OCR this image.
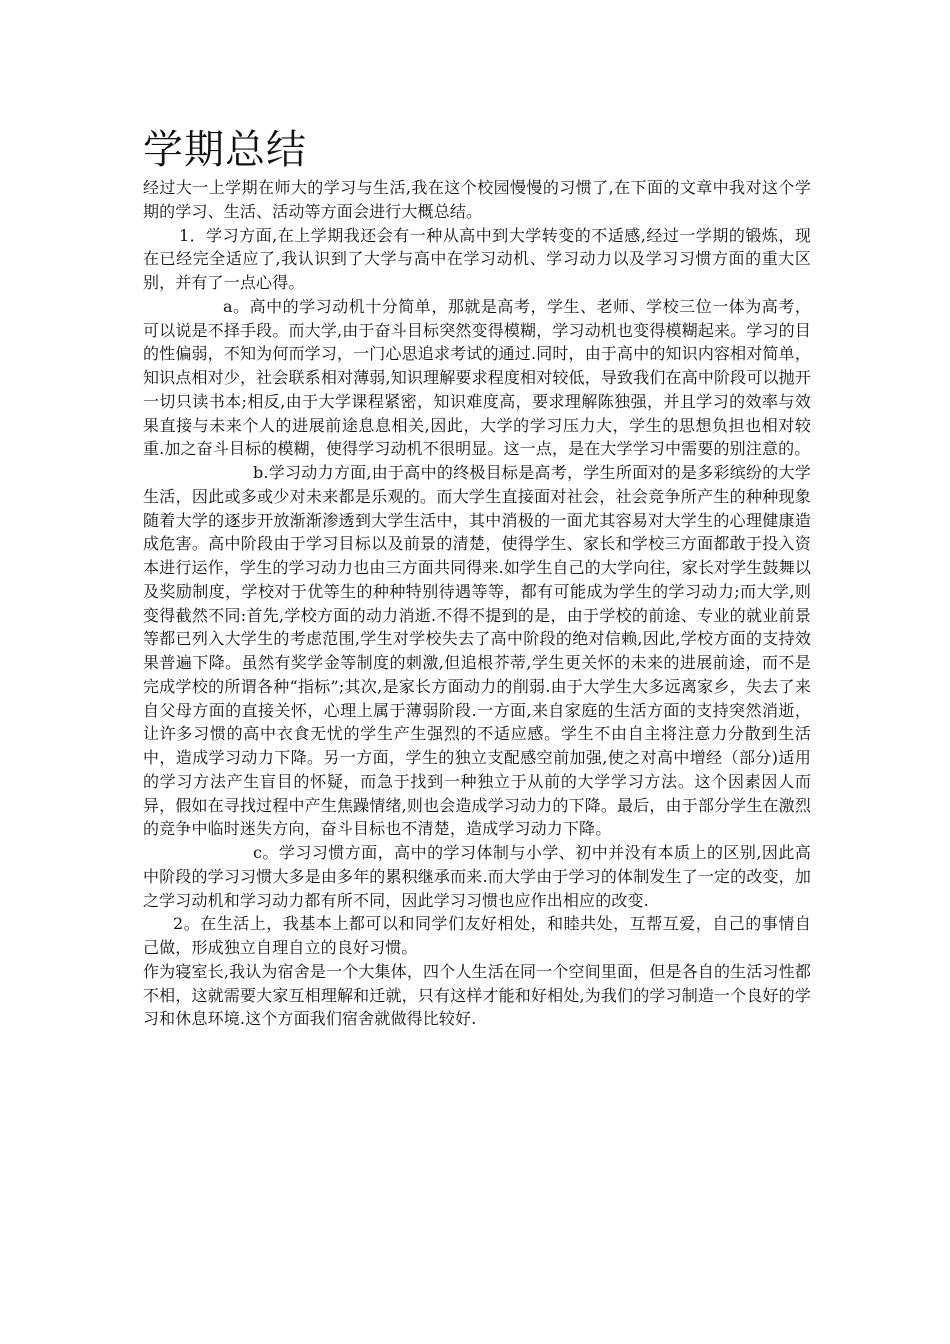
学期总结

经过大一上学期在师大的学习与生活,我在这个校园慢慢的习惯了,在下面的文章中我对这个学期的学习、生活、活动等方面会进行大概总结。

1．学习方面,在上学期我还会有一种从高中到大学转变的不适感,经过一学期的锻炼，现在已经完全适应了,我认识到了大学与高中在学习动机、学习动力以及学习习惯方面的重大区别，并有了一点心得。

a。高中的学习动机十分简单，那就是高考，学生、老师、学校三位一体为高考，可以说是不择手段。而大学,由于奋斗目标突然变得模糊，学习动机也变得模糊起来。学习的目的性偏弱，不知为何而学习，一门心思追求考试的通过.同时，由于高中的知识内容相对简单，知识点相对少，社会联系相对薄弱,知识理解要求程度相对较低，导致我们在高中阶段可以抛开一切只读书本;相反,由于大学课程紧密，知识难度高，要求理解陈独强，并且学习的效率与效果直接与未来个人的进展前途息息相关,因此，大学的学习压力大，学生的思想负担也相对较重.加之奋斗目标的模糊，使得学习动机不很明显。这一点，是在大学学习中需要的别注意的。

b.学习动力方面,由于高中的终极目标是高考，学生所面对的是多彩缤纷的大学生活，因此或多或少对未来都是乐观的。而大学生直接面对社会，社会竞争所产生的种种现象随着大学的逐步开放渐渐渗透到大学生活中，其中消极的一面尤其容易对大学生的心理健康造成危害。高中阶段由于学习目标以及前景的清楚，使得学生、家长和学校三方面都敢于投入资本进行运作，学生的学习动力也由三方面共同得来.如学生自己的大学向往，家长对学生鼓舞以及奖励制度，学校对于优等生的种种特别待遇等等，都有可能成为学生的学习动力;而大学,则变得截然不同:首先,学校方面的动力消逝.不得不提到的是，由于学校的前途、专业的就业前景等都已列入大学生的考虑范围,学生对学校失去了高中阶段的绝对信赖,因此,学校方面的支持效果普遍下降。虽然有奖学金等制度的刺激,但追根芥蒂,学生更关怀的未来的进展前途，而不是完成学校的所谓各种“指标”;其次,是家长方面动力的削弱.由于大学生大多远离家乡，失去了来自父母方面的直接关怀，心理上属于薄弱阶段.一方面,来自家庭的生活方面的支持突然消逝，让许多习惯的高中衣食无忧的学生产生强烈的不适应感。学生不由自主将注意力分散到生活中，造成学习动力下降。另一方面，学生的独立支配感空前加强,使之对高中增经（部分)适用的学习方法产生盲目的怀疑，而急于找到一种独立于从前的大学学习方法。这个因素因人而异，假如在寻找过程中产生焦躁情绪,则也会造成学习动力的下降。最后，由于部分学生在激烈的竞争中临时迷失方向，奋斗目标也不清楚，造成学习动力下降。

c。学习习惯方面，高中的学习体制与小学、初中并没有本质上的区别,因此高中阶段的学习习惯大多是由多年的累积继承而来.而大学由于学习的体制发生了一定的改变，加之学习动机和学习动力都有所不同，因此学习习惯也应作出相应的改变.

2。在生活上，我基本上都可以和同学们友好相处，和睦共处，互帮互爱，自己的事情自己做，形成独立自理自立的良好习惯。

作为寝室长,我认为宿舍是一个大集体，四个人生活在同一个空间里面，但是各自的生活习性都不相，这就需要大家互相理解和迁就，只有这样才能和好相处,为我们的学习制造一个良好的学习和休息环境.这个方面我们宿舍就做得比较好.
